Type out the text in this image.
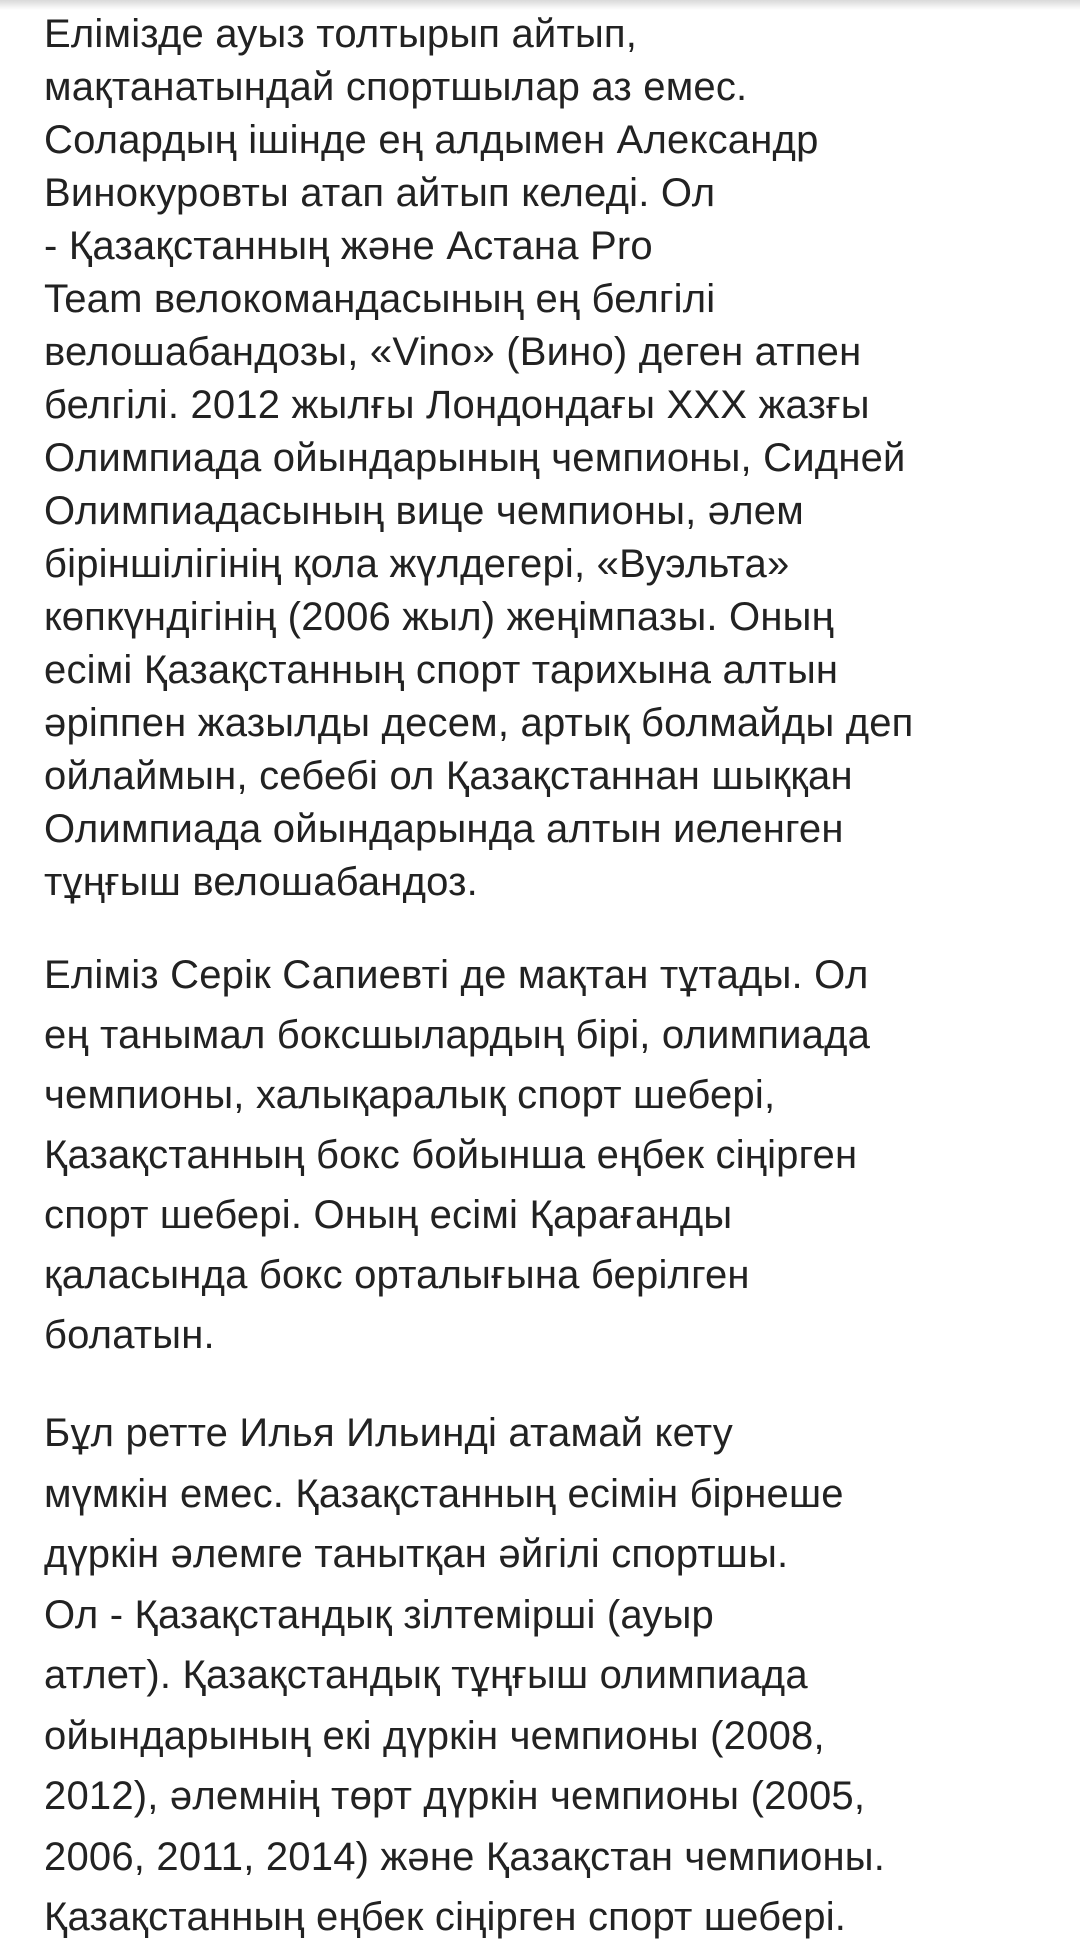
Елімізде ауыз толтырып айтып,
мақтанатындай спортшылар аз емес.
Солардың ішінде ең алдымен Александр
Винокуровты атап айтып келеді. Ол
- Қазақстанның және Астана Pro
Team велокомандасының ең белгілі
велошабандозы, «Vino» (Вино) деген атпен
белгілі. 2012 жылғы Лондондағы XXX жазғы
Олимпиада ойындарының чемпионы, Сидней
Олимпиадасының вице чемпионы, әлем
біріншілігінің қола жүлдегері, «Вуэльта»
көпкүндігінің (2006 жыл) жеңімпазы. Оның
есімі Қазақстанның спорт тарихына алтын
әріппен жазылды десем, артық болмайды деп
ойлаймын, себебі ол Қазақстаннан шыққан
Олимпиада ойындарында алтын иеленген
тұңғыш велошабандоз.

Еліміз Серік Сапиевті де мақтан тұтады. Ол
ең танымал боксшылардың бірі, олимпиада
чемпионы, халықаралық спорт шебері,
Қазақстанның бокс бойынша еңбек сіңірген
спорт шебері. Оның есімі Қарағанды
қаласында бокс орталығына берілген
болатын.

Бұл ретте Илья Ильинді атамай кету
мүмкін емес. Қазақстанның есімін бірнеше
дүркін әлемге танытқан әйгілі спортшы.
Ол - Қазақстандық зілтемірші (ауыр
атлет). Қазақстандық тұңғыш олимпиада
ойындарының екі дүркін чемпионы (2008,
2012), әлемнің төрт дүркін чемпионы (2005,
2006, 2011, 2014) және Қазақстан чемпионы.
Қазақстанның еңбек сіңірген спорт шебері.
